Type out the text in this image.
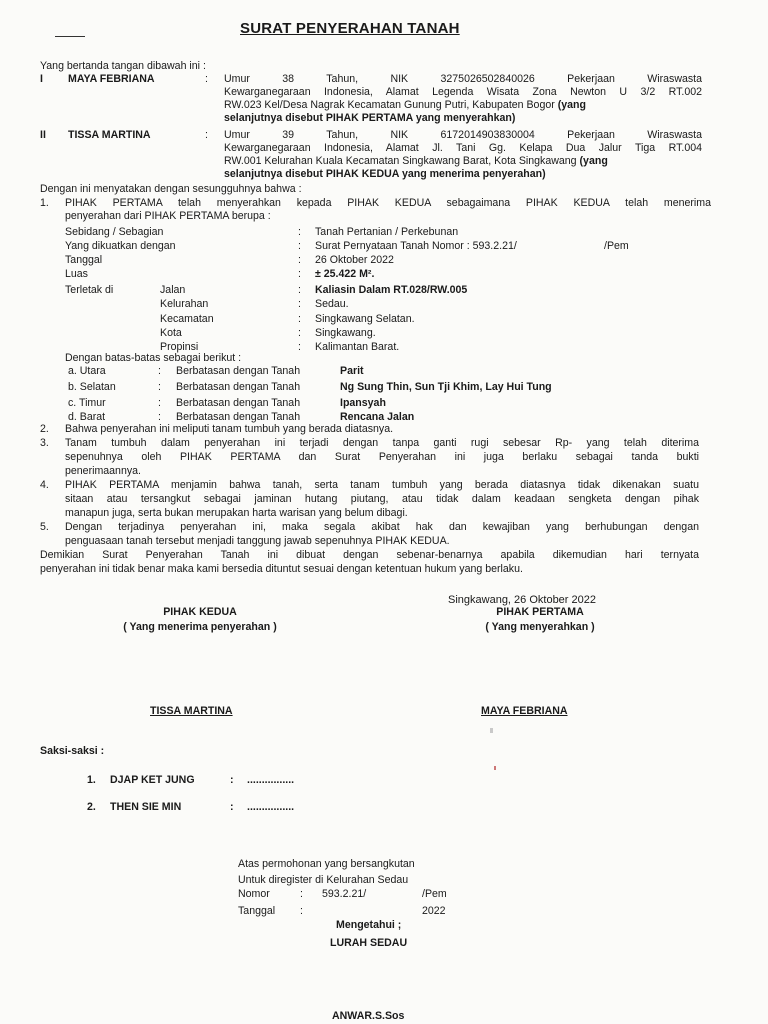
SURAT PENYERAHAN TANAH
Yang bertanda tangan dibawah ini :
I MAYA FEBRIANA	: Umur 38 Tahun, NIK 3275026502840026 Pekerjaan Wiraswasta
Kewarganegaraan Indonesia, Alamat Legenda Wisata Zona Newton U 3/2 RT.002
RW.023 Kel/Desa Nagrak Kecamatan Gunung Putri, Kabupaten Bogor (yang
selanjutnya disebut PIHAK PERTAMA yang menyerahkan)
II TISSA MARTINA	: Umur 39 Tahun, NIK 6172014903830004 Pekerjaan Wiraswasta
Kewarganegaraan Indonesia, Alamat Jl. Tani Gg. Kelapa Dua Jalur Tiga RT.004
RW.001 Kelurahan Kuala Kecamatan Singkawang Barat, Kota Singkawang (yang
selanjutnya disebut PIHAK KEDUA yang menerima penyerahan)
Dengan ini menyatakan dengan sesungguhnya bahwa :
1. PIHAK PERTAMA telah menyerahkan kepada PIHAK KEDUA sebagaimana PIHAK KEDUA telah menerima
penyerahan dari PIHAK PERTAMA berupa :
Sebidang / Sebagian	: Tanah Pertanian / Perkebunan
Yang dikuatkan dengan	: Surat Pernyataan Tanah Nomor : 593.2.21/	/Pem
Tanggal	: 26 Oktober 2022
Luas	: ± 25.422 M².
Terletak di	Jalan	: Kaliasin Dalam RT.028/RW.005
Kelurahan	: Sedau.
Kecamatan	: Singkawang Selatan.
Kota	: Singkawang.
Propinsi	: Kalimantan Barat.
Dengan batas-batas sebagai berikut :
a. Utara	: Berbatasan dengan Tanah	Parit
b. Selatan	: Berbatasan dengan Tanah	Ng Sung Thin, Sun Tji Khim, Lay Hui Tung
c. Timur	: Berbatasan dengan Tanah	Ipansyah
d. Barat	: Berbatasan dengan Tanah	Rencana Jalan
2. Bahwa penyerahan ini meliputi tanam tumbuh yang berada diatasnya.
3. Tanam tumbuh dalam penyerahan ini terjadi dengan tanpa ganti rugi sebesar Rp- yang telah diterima
sepenuhnya oleh PIHAK PERTAMA dan Surat Penyerahan ini juga berlaku sebagai tanda bukti
penerimaannya.
4. PIHAK PERTAMA menjamin bahwa tanah, serta tanam tumbuh yang berada diatasnya tidak dikenakan suatu
sitaan atau tersangkut sebagai jaminan hutang piutang, atau tidak dalam keadaan sengketa dengan pihak
manapun juga, serta bukan merupakan harta warisan yang belum dibagi.
5. Dengan terjadinya penyerahan ini, maka segala akibat hak dan kewajiban yang berhubungan dengan
penguasaan tanah tersebut menjadi tanggung jawab sepenuhnya PIHAK KEDUA.
Demikian Surat Penyerahan Tanah ini dibuat dengan sebenar-benarnya apabila dikemudian hari ternyata
penyerahan ini tidak benar maka kami bersedia dituntut sesuai dengan ketentuan hukum yang berlaku.
Singkawang, 26 Oktober 2022
PIHAK KEDUA
( Yang menerima penyerahan )
PIHAK PERTAMA
( Yang menyerahkan )
TISSA MARTINA	MAYA FEBRIANA
Saksi-saksi :
1. DJAP KET JUNG	: ................
2. THEN SIE MIN	: ................
Atas permohonan yang bersangkutan
Untuk diregister di Kelurahan Sedau
Nomor	: 593.2.21/	/Pem
Tanggal :	2022
Mengetahui ;
LURAH SEDAU
ANWAR.S.Sos
